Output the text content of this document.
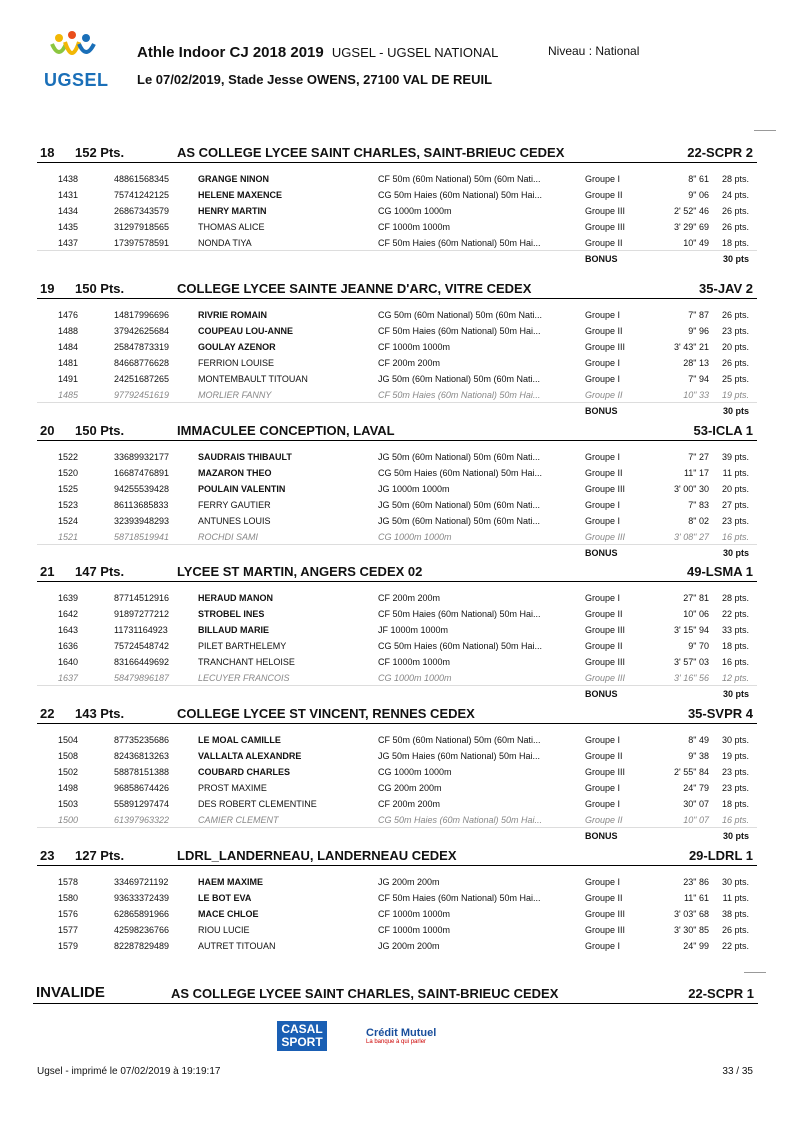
UGSEL
Athle Indoor CJ 2018 2019 UGSEL - UGSEL NATIONAL	Niveau : National
Le 07/02/2019, Stade Jesse OWENS, 27100 VAL DE REUIL
18 152 Pts.	AS COLLEGE LYCEE SAINT CHARLES, SAINT-BRIEUC CEDEX	22-SCPR 2
1438	48861568345	GRANGE NINON	CF 50m (60m National) 50m (60m Nati...	Groupe I	8" 61 28 pts.
1431	75741242125	HELENE MAXENCE	CG 50m Haies (60m National) 50m Hai...	Groupe II	9" 06 24 pts.
1434	26867343579	HENRY MARTIN	CG 1000m 1000m	Groupe III	2' 52" 46 26 pts.
1435	31297918565	THOMAS ALICE	CF 1000m 1000m	Groupe III	3' 29" 69 26 pts.
1437	17397578591	NONDA TIYA	CF 50m Haies (60m National) 50m Hai...	Groupe II	10" 49 18 pts.
BONUS	30 pts
19 150 Pts.	COLLEGE LYCEE SAINTE JEANNE D'ARC, VITRE CEDEX	35-JAV 2
1476	14817996696	RIVRIE ROMAIN	CG 50m (60m National) 50m (60m Nati...	Groupe I	7" 87 26 pts.
1488	37942625684	COUPEAU LOU-ANNE	CF 50m Haies (60m National) 50m Hai...	Groupe II	9" 96 23 pts.
1484	25847873319	GOULAY AZENOR	CF 1000m 1000m	Groupe III	3' 43" 21 20 pts.
1481	84668776628	FERRION LOUISE	CF 200m 200m	Groupe I	28" 13 26 pts.
1491	24251687265	MONTEMBAULT TITOUAN	JG 50m (60m National) 50m (60m Nati...	Groupe I	7" 94 25 pts.
1485	97792451619	MORLIER FANNY	CF 50m Haies (60m National) 50m Hai...	Groupe II	10" 33 19 pts.
BONUS	30 pts
20 150 Pts.	IMMACULEE CONCEPTION, LAVAL	53-ICLA 1
1522	33689932177	SAUDRAIS THIBAULT	JG 50m (60m National) 50m (60m Nati...	Groupe I	7" 27 39 pts.
1520	16687476891	MAZARON THEO	CG 50m Haies (60m National) 50m Hai...	Groupe II	11" 17 11 pts.
1525	94255539428	POULAIN VALENTIN	JG 1000m 1000m	Groupe III	3' 00" 30 20 pts.
1523	86113685833	FERRY GAUTIER	JG 50m (60m National) 50m (60m Nati...	Groupe I	7" 83 27 pts.
1524	32393948293	ANTUNES LOUIS	JG 50m (60m National) 50m (60m Nati...	Groupe I	8" 02 23 pts.
1521	58718519941	ROCHDI SAMI	CG 1000m 1000m	Groupe III	3' 08" 27 16 pts.
BONUS	30 pts
21 147 Pts.	LYCEE ST MARTIN, ANGERS CEDEX 02	49-LSMA 1
1639	87714512916	HERAUD MANON	CF 200m 200m	Groupe I	27" 81 28 pts.
1642	91897277212	STROBEL INES	CF 50m Haies (60m National) 50m Hai...	Groupe II	10" 06 22 pts.
1643	11731164923	BILLAUD MARIE	JF 1000m 1000m	Groupe III	3' 15" 94 33 pts.
1636	75724548742	PILET BARTHELEMY	CG 50m Haies (60m National) 50m Hai...	Groupe II	9" 70 18 pts.
1640	83166449692	TRANCHANT HELOISE	CF 1000m 1000m	Groupe III	3' 57" 03 16 pts.
1637	58479896187	LECUYER FRANCOIS	CG 1000m 1000m	Groupe III	3' 16" 56 12 pts.
BONUS	30 pts
22 143 Pts.	COLLEGE LYCEE ST VINCENT, RENNES CEDEX	35-SVPR 4
1504	87735235686	LE MOAL CAMILLE	CF 50m (60m National) 50m (60m Nati...	Groupe I	8" 49 30 pts.
1508	82436813263	VALLALTA ALEXANDRE	JG 50m Haies (60m National) 50m Hai...	Groupe II	9" 38 19 pts.
1502	58878151388	COUBARD CHARLES	CG 1000m 1000m	Groupe III	2' 55" 84 23 pts.
1498	96858674426	PROST MAXIME	CG 200m 200m	Groupe I	24" 79 23 pts.
1503	55891297474	DES ROBERT CLEMENTINE	CF 200m 200m	Groupe I	30" 07 18 pts.
1500	61397963322	CAMIER CLEMENT	CG 50m Haies (60m National) 50m Hai...	Groupe II	10" 07 16 pts.
BONUS	30 pts
23 127 Pts.	LDRL_LANDERNEAU, LANDERNEAU CEDEX	29-LDRL 1
1578	33469721192	HAEM MAXIME	JG 200m 200m	Groupe I	23" 86 30 pts.
1580	93633372439	LE BOT EVA	CF 50m Haies (60m National) 50m Hai...	Groupe II	11" 61 11 pts.
1576	62865891966	MACE CHLOE	CF 1000m 1000m	Groupe III	3' 03" 68 38 pts.
1577	42598236766	RIOU LUCIE	CF 1000m 1000m	Groupe III	3' 30" 85 26 pts.
1579	82287829489	AUTRET TITOUAN	JG 200m 200m	Groupe I	24" 99 22 pts.
INVALIDE	AS COLLEGE LYCEE SAINT CHARLES, SAINT-BRIEUC CEDEX	22-SCPR 1
CASAL SPORT
Crédit Mutuel
La banque à qui parler
Ugsel - imprimé le 07/02/2019 à 19:19:17	33 / 35
